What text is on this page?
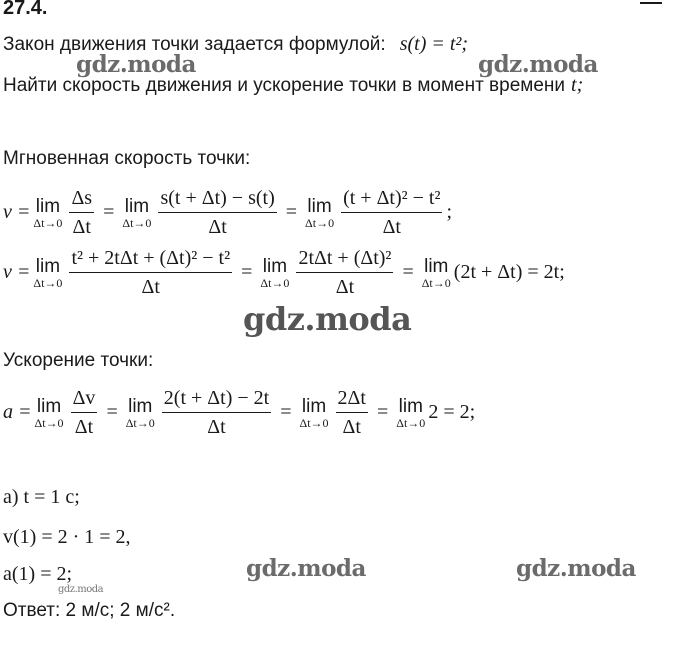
27.4.
Закон движения точки задается формулой: s(t) = t²;
Найти скорость движения и ускорение точки в момент времени t;
Мгновенная скорость точки:
v = lim
$\Delta t\to 0 \frac{\Delta s}{\Delta t} = \lim$
$\Delta t\to 0 \frac{s(t + \Delta t) - s(t)}{\Delta t} = \lim$
$\Delta t\to 0 \frac{\text{(t + Δt)² − t²}}{\Delta t}$ ;
v = lim
$\Delta t\to 0 \frac{\text{t² + 2tΔt + (Δt)² − t²}}{\Delta t} = \lim$
$\Delta t\to 0 \frac{\text{2tΔt + (Δt)²}}{\Delta t} = \lim$
Δt→0 (2t + Δt) = 2t;
Ускорение точки:
a = lim
$\Delta t\to 0 \frac{\Delta v}{\Delta t} = \lim$
$\Delta t\to 0 \frac{2(t + \Delta t) - 2t}{\Delta t} = \lim$
$\Delta t\to 0 \frac{2\Delta t}{\Delta t} = \lim$
Δt→0 2 = 2;
а) t = 1 c;
v(1) = 2 · 1 = 2,
a(1) = 2;
Ответ: 2 м/с; 2 м/с².
gdz.moda	gdz.moda
gdz.moda
gdz.moda	gdz.moda
gdz.moda
